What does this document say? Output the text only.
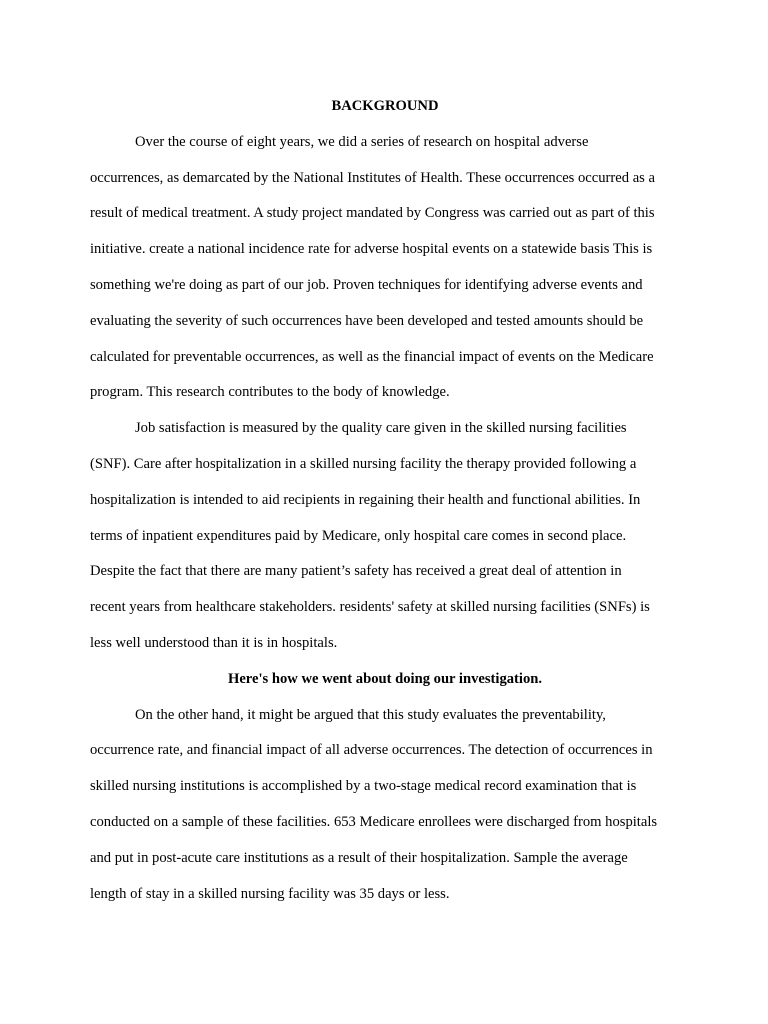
BACKGROUND
Over the course of eight years, we did a series of research on hospital adverse
occurrences, as demarcated by the National Institutes of Health. These occurrences occurred as a
result of medical treatment. A study project mandated by Congress was carried out as part of this
initiative. create a national incidence rate for adverse hospital events on a statewide basis This is
something we're doing as part of our job. Proven techniques for identifying adverse events and
evaluating the severity of such occurrences have been developed and tested amounts should be
calculated for preventable occurrences, as well as the financial impact of events on the Medicare
program. This research contributes to the body of knowledge.
Job satisfaction is measured by the quality care given in the skilled nursing facilities
(SNF). Care after hospitalization in a skilled nursing facility the therapy provided following a
hospitalization is intended to aid recipients in regaining their health and functional abilities. In
terms of inpatient expenditures paid by Medicare, only hospital care comes in second place.
Despite the fact that there are many patient’s safety has received a great deal of attention in
recent years from healthcare stakeholders. residents' safety at skilled nursing facilities (SNFs) is
less well understood than it is in hospitals.
Here's how we went about doing our investigation.
On the other hand, it might be argued that this study evaluates the preventability,
occurrence rate, and financial impact of all adverse occurrences. The detection of occurrences in
skilled nursing institutions is accomplished by a two-stage medical record examination that is
conducted on a sample of these facilities. 653 Medicare enrollees were discharged from hospitals
and put in post-acute care institutions as a result of their hospitalization. Sample the average
length of stay in a skilled nursing facility was 35 days or less.
